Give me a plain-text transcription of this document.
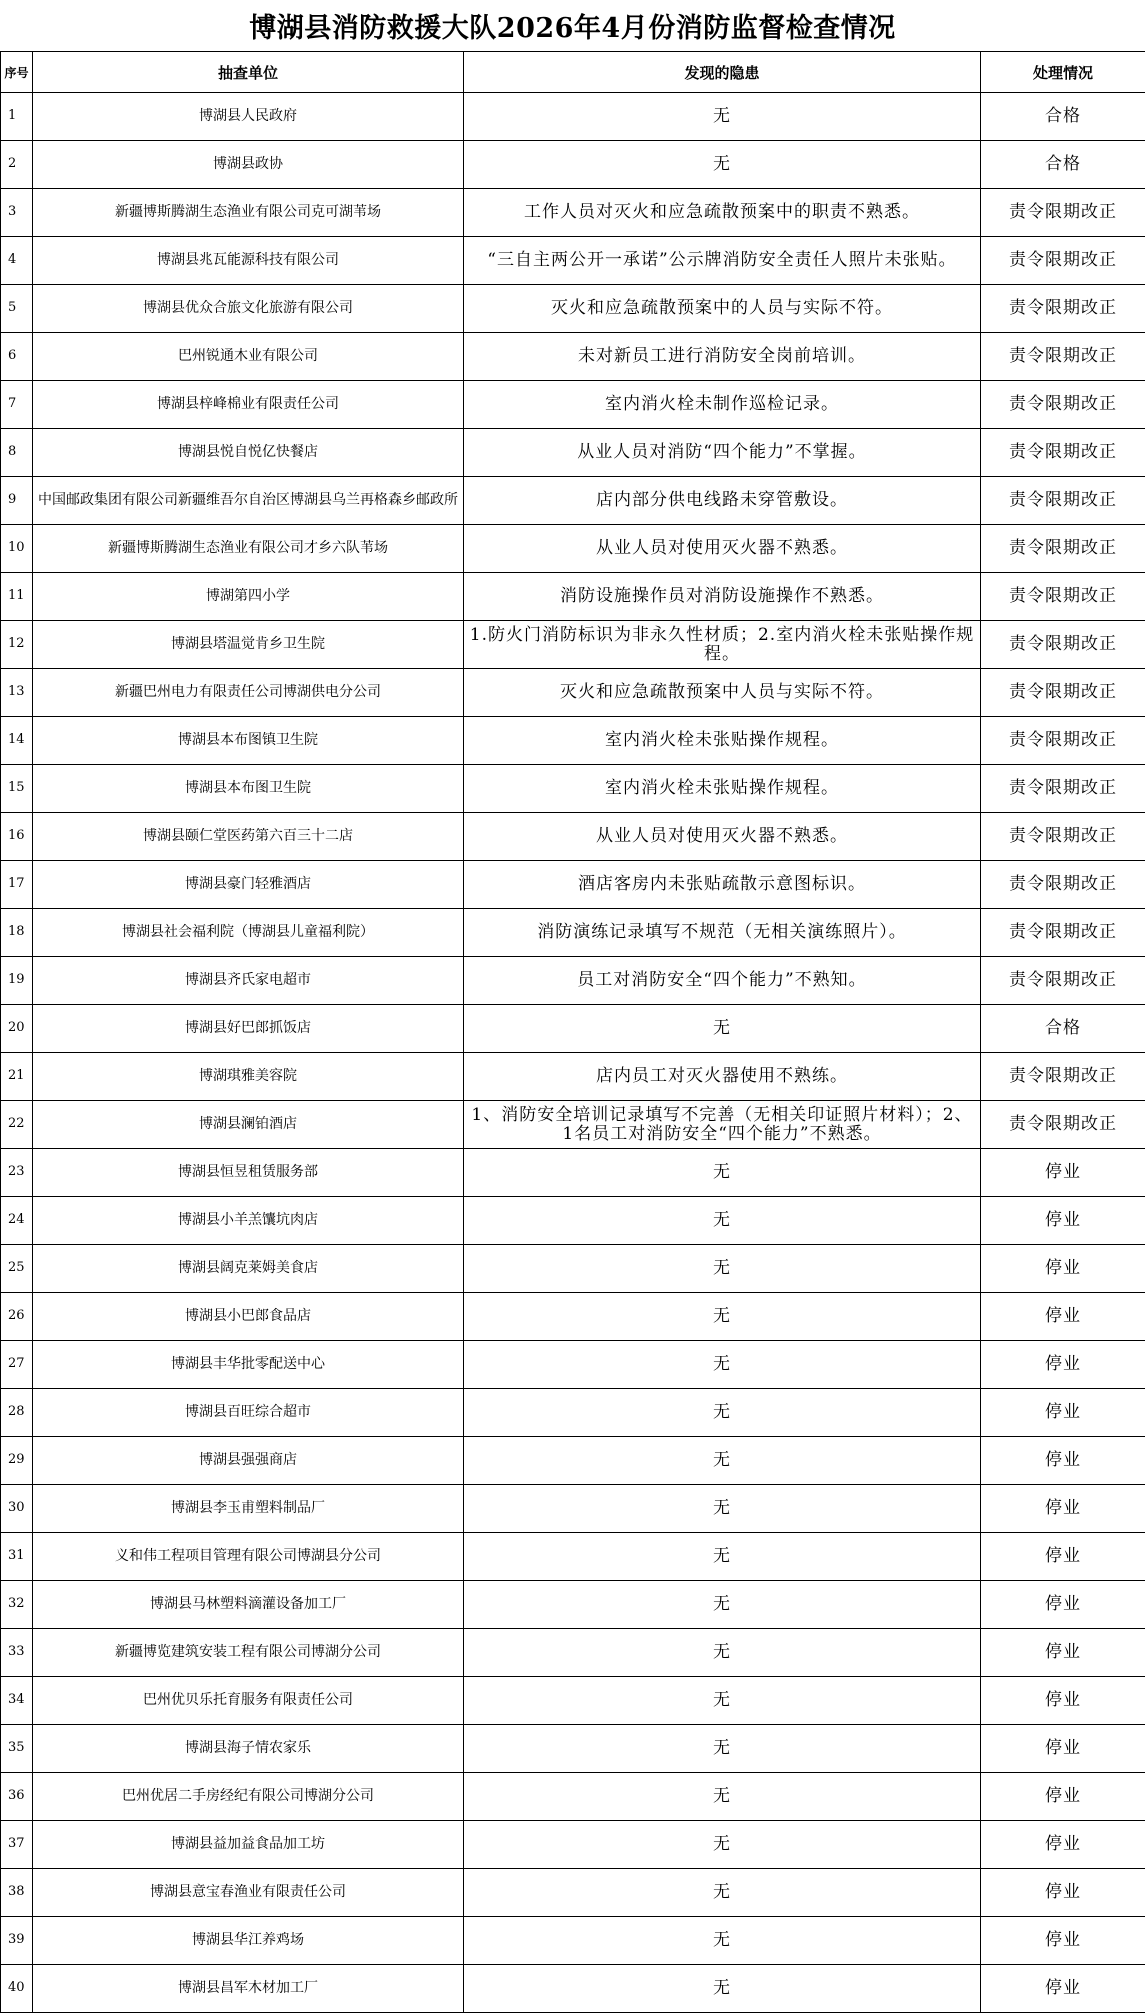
博湖县消防救援大队2026年4月份消防监督检查情况
序号	抽查单位	发现的隐患	处理情况
1	博湖县人民政府	无	合格
2	博湖县政协	无	合格
3	新疆博斯腾湖生态渔业有限公司克可湖苇场	工作人员对灭火和应急疏散预案中的职责不熟悉。	责令限期改正
4	博湖县兆瓦能源科技有限公司	“三自主两公开一承诺”公示牌消防安全责任人照片未张贴。	责令限期改正
5	博湖县优众合旅文化旅游有限公司	灭火和应急疏散预案中的人员与实际不符。	责令限期改正
6	巴州锐通木业有限公司	未对新员工进行消防安全岗前培训。	责令限期改正
7	博湖县梓峰棉业有限责任公司	室内消火栓未制作巡检记录。	责令限期改正
8	博湖县悦自悦亿快餐店	从业人员对消防“四个能力”不掌握。	责令限期改正
9	中国邮政集团有限公司新疆维吾尔自治区博湖县乌兰再格森乡邮政所	店内部分供电线路未穿管敷设。	责令限期改正
10	新疆博斯腾湖生态渔业有限公司才乡六队苇场	从业人员对使用灭火器不熟悉。	责令限期改正
11	博湖第四小学	消防设施操作员对消防设施操作不熟悉。	责令限期改正
12	博湖县塔温觉肯乡卫生院	1.防火门消防标识为非永久性材质；2.室内消火栓未张贴操作规程。	责令限期改正
13	新疆巴州电力有限责任公司博湖供电分公司	灭火和应急疏散预案中人员与实际不符。	责令限期改正
14	博湖县本布图镇卫生院	室内消火栓未张贴操作规程。	责令限期改正
15	博湖县本布图卫生院	室内消火栓未张贴操作规程。	责令限期改正
16	博湖县颐仁堂医药第六百三十二店	从业人员对使用灭火器不熟悉。	责令限期改正
17	博湖县豪门轻雅酒店	酒店客房内未张贴疏散示意图标识。	责令限期改正
18	博湖县社会福利院（博湖县儿童福利院）	消防演练记录填写不规范（无相关演练照片）。	责令限期改正
19	博湖县齐氏家电超市	员工对消防安全“四个能力”不熟知。	责令限期改正
20	博湖县好巴郎抓饭店	无	合格
21	博湖琪雅美容院	店内员工对灭火器使用不熟练。	责令限期改正
22	博湖县澜铂酒店	1、消防安全培训记录填写不完善（无相关印证照片材料）；2、1名员工对消防安全“四个能力”不熟悉。	责令限期改正
23	博湖县恒昱租赁服务部	无	停业
24	博湖县小羊羔馕坑肉店	无	停业
25	博湖县阔克莱姆美食店	无	停业
26	博湖县小巴郎食品店	无	停业
27	博湖县丰华批零配送中心	无	停业
28	博湖县百旺综合超市	无	停业
29	博湖县强强商店	无	停业
30	博湖县李玉甫塑料制品厂	无	停业
31	义和伟工程项目管理有限公司博湖县分公司	无	停业
32	博湖县马林塑料滴灌设备加工厂	无	停业
33	新疆博览建筑安装工程有限公司博湖分公司	无	停业
34	巴州优贝乐托育服务有限责任公司	无	停业
35	博湖县海子情农家乐	无	停业
36	巴州优居二手房经纪有限公司博湖分公司	无	停业
37	博湖县益加益食品加工坊	无	停业
38	博湖县意宝春渔业有限责任公司	无	停业
39	博湖县华江养鸡场	无	停业
40	博湖县昌军木材加工厂	无	停业
